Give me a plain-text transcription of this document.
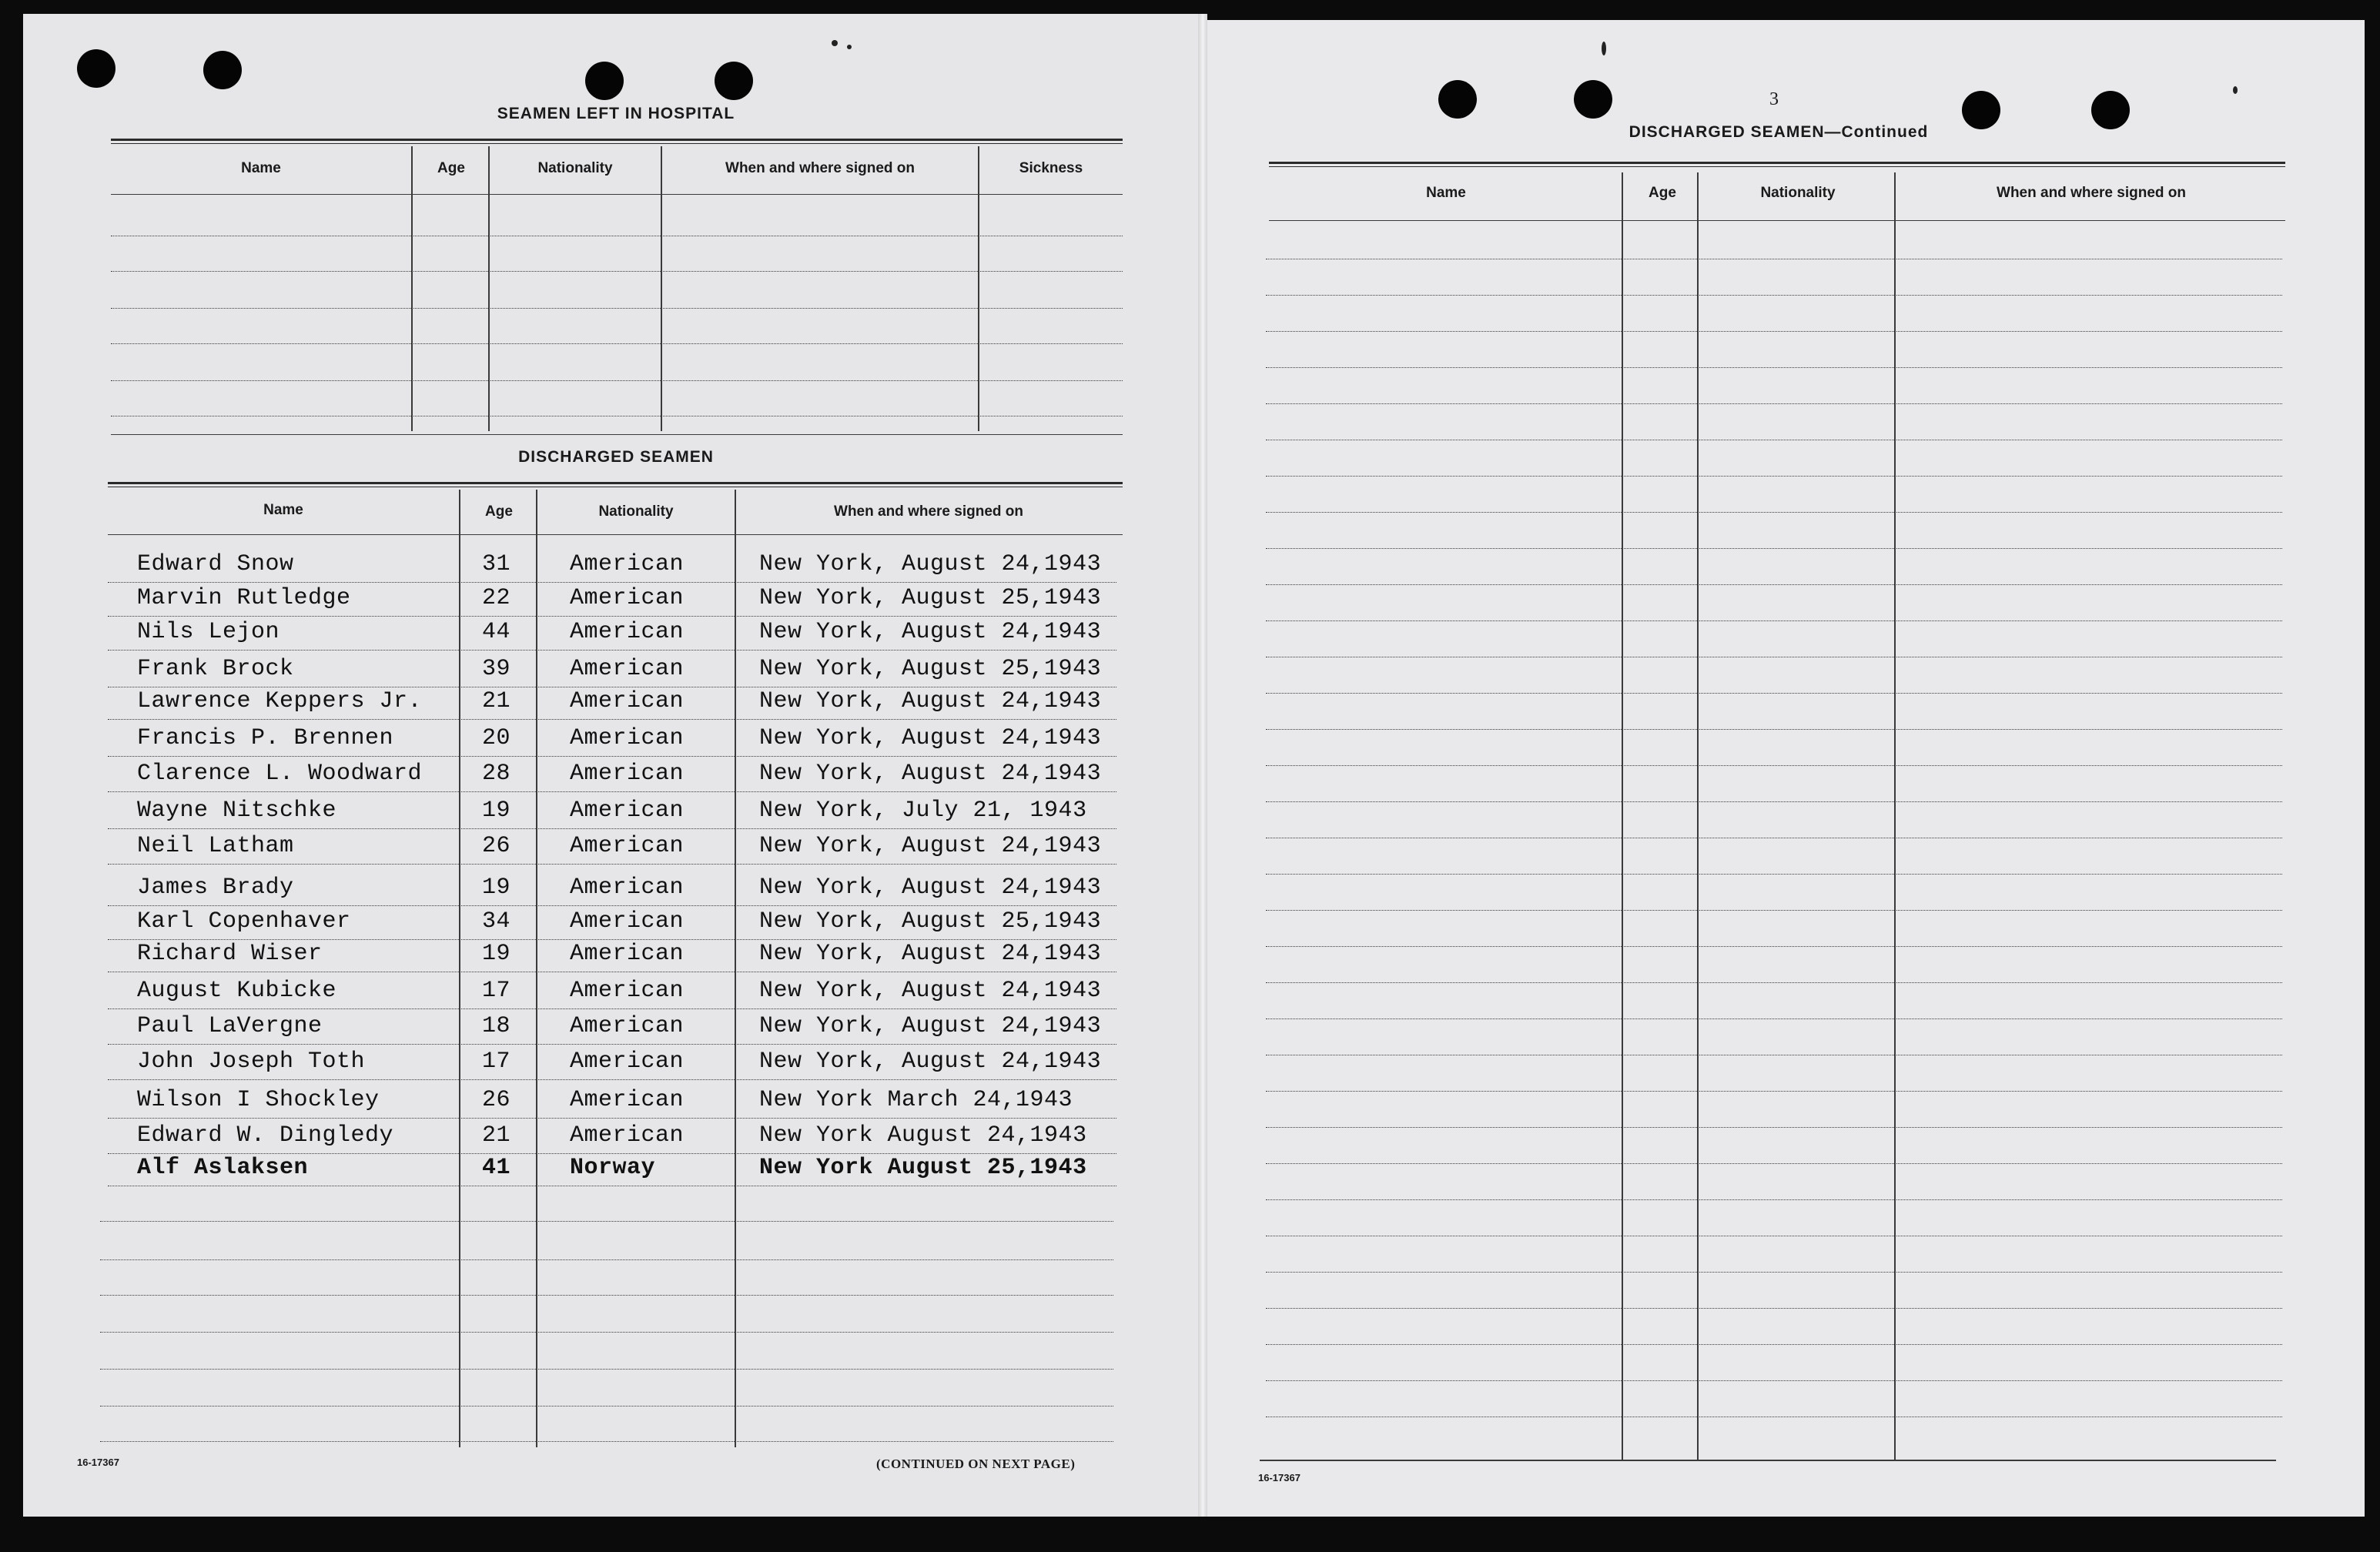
SEAMEN LEFT IN HOSPITAL
Name	Age	Nationality	When and where signed on	Sickness
DISCHARGED SEAMEN
Name	Age	Nationality	When and where signed on
Edward Snow	31	American	New York, August 24,1943
Marvin Rutledge	22	American	New York, August 25,1943
Nils Lejon	44	American	New York, August 24,1943
Frank Brock	39	American	New York, August 25,1943
Lawrence Keppers Jr.	21	American	New York, August 24,1943
Francis P. Brennen	20	American	New York, August 24,1943
Clarence L. Woodward	28	American	New York, August 24,1943
Wayne Nitschke	19	American	New York, July 21, 1943
Neil Latham	26	American	New York, August 24,1943
James Brady	19	American	New York, August 24,1943
Karl Copenhaver	34	American	New York, August 25,1943
Richard Wiser	19	American	New York, August 24,1943
August Kubicke	17	American	New York, August 24,1943
Paul LaVergne	18	American	New York, August 24,1943
John Joseph Toth	17	American	New York, August 24,1943
Wilson I Shockley	26	American	New York March 24,1943
Edward W. Dingledy	21	American	New York August 24,1943
Alf Aslaksen	41	Norway	New York August 25,1943
16-17367	(CONTINUED ON NEXT PAGE)
3
DISCHARGED SEAMEN—Continued
Name	Age	Nationality	When and where signed on
16-17367
